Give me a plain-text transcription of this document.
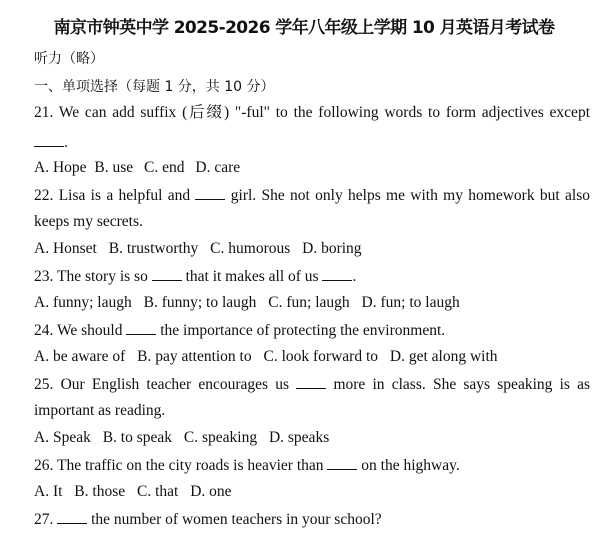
南京市钟英中学 2025-2026 学年八年级上学期 10 月英语月考试卷
听力（略）
一、单项选择（每题 1 分，共 10 分）
21. We can add suffix (后缀) "-ful" to the following words to form adjectives except
.
A. Hope B. use C. end D. care
22. Lisa is a helpful and	girl. She not only helps me with my homework but also
keeps my secrets.
A. Honset B. trustworthy C. humorous D. boring
23. The story is so that it makes all of us .
A. funny; laugh B. funny; to laugh C. fun; laugh D. fun; to laugh
24. We should the importance of protecting the environment.
A. be aware of B. pay attention to C. look forward to D. get along with
25. Our English teacher encourages us	more in class. She says speaking is as
important as reading.
A. Speak B. to speak C. speaking D. speaks
26. The traffic on the city roads is heavier than on the highway.
A. It B. those C. that D. one
27. the number of women teachers in your school?
